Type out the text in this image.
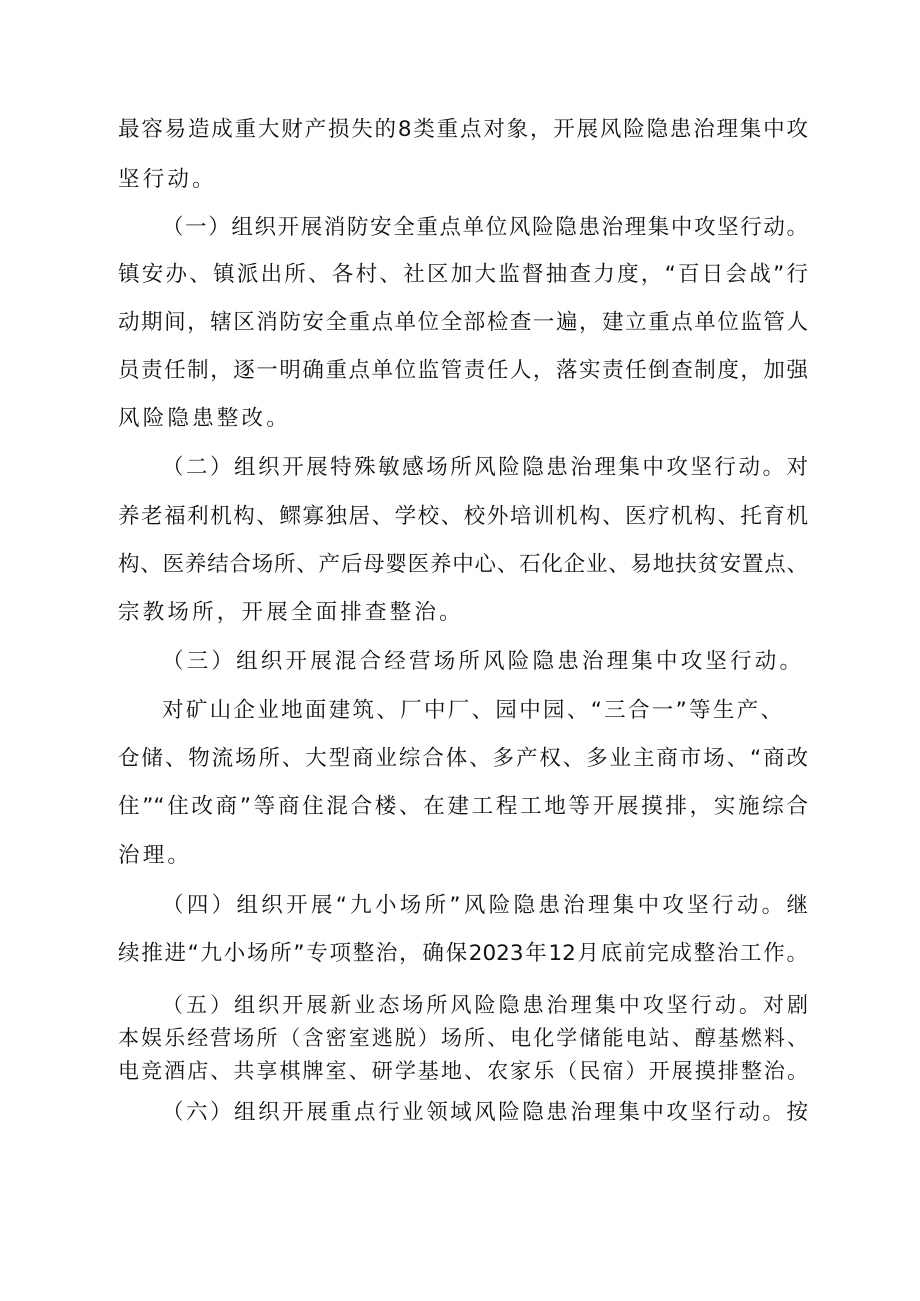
最容易造成重大财产损失的8类重点对象，开展风险隐患治理集中攻
坚行动。
（一）组织开展消防安全重点单位风险隐患治理集中攻坚行动。
镇安办、镇派出所、各村、社区加大监督抽查力度，“百日会战”行
动期间，辖区消防安全重点单位全部检查一遍，建立重点单位监管人
员责任制，逐一明确重点单位监管责任人，落实责任倒查制度，加强
风险隐患整改。
（二）组织开展特殊敏感场所风险隐患治理集中攻坚行动。对
养老福利机构、鳏寡独居、学校、校外培训机构、医疗机构、托育机
构、医养结合场所、产后母婴医养中心、石化企业、易地扶贫安置点、
宗教场所，开展全面排查整治。
（三）组织开展混合经营场所风险隐患治理集中攻坚行动。
对矿山企业地面建筑、厂中厂、园中园、“三合一”等生产、
仓储、物流场所、大型商业综合体、多产权、多业主商市场、“商改
住”“住改商”等商住混合楼、在建工程工地等开展摸排，实施综合
治理。
（四）组织开展“九小场所”风险隐患治理集中攻坚行动。继
续推进“九小场所”专项整治，确保2023年12月底前完成整治工作。
（五）组织开展新业态场所风险隐患治理集中攻坚行动。对剧
本娱乐经营场所（含密室逃脱）场所、电化学储能电站、醇基燃料、
电竞酒店、共享棋牌室、研学基地、农家乐（民宿）开展摸排整治。
（六）组织开展重点行业领域风险隐患治理集中攻坚行动。按
